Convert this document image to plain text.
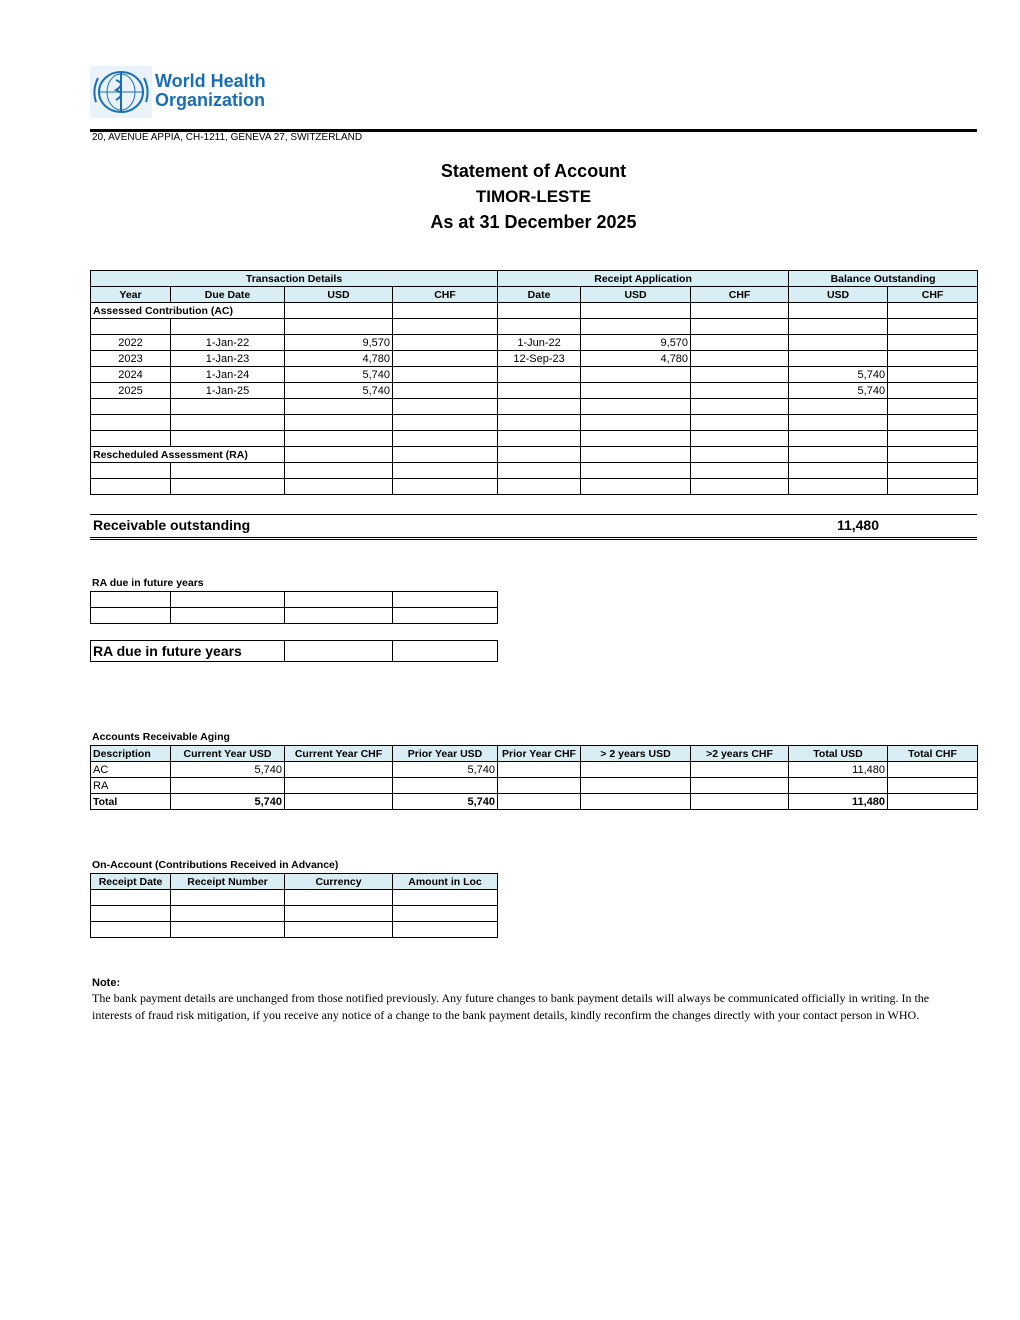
World Health
Organization
20, AVENUE APPIA, CH-1211, GENEVA 27, SWITZERLAND
Statement of Account
TIMOR-LESTE
As at 31 December 2025
Transaction Details				Receipt Application			Balance Outstanding	
Year	Due Date	USD	CHF	Date	USD	CHF	USD	CHF
Assessed Contribution (AC)								

2022	1-Jan-22	9,570		1-Jun-22	9,570			
2023	1-Jan-23	4,780		12-Sep-23	4,780			
2024	1-Jan-24	5,740					5,740	
2025	1-Jan-25	5,740					5,740	

Rescheduled Assessment (RA)								

Receivable outstanding	11,480
RA due in future years

RA due in future years		
Accounts Receivable Aging
Description	Current Year USD	Current Year CHF	Prior Year USD	Prior Year CHF	> 2 years USD	>2 years CHF	Total USD	Total CHF
AC	5,740		5,740				11,480	
RA								
Total	5,740		5,740				11,480	
On-Account (Contributions Received in Advance)
Receipt Date	Receipt Number	Currency	Amount in Loc

Note:
The bank payment details are unchanged from those notified previously. Any future changes to bank payment details will always be communicated officially in writing. In the interests of fraud risk mitigation, if you receive any notice of a change to the bank payment details, kindly reconfirm the changes directly with your contact person in WHO.
